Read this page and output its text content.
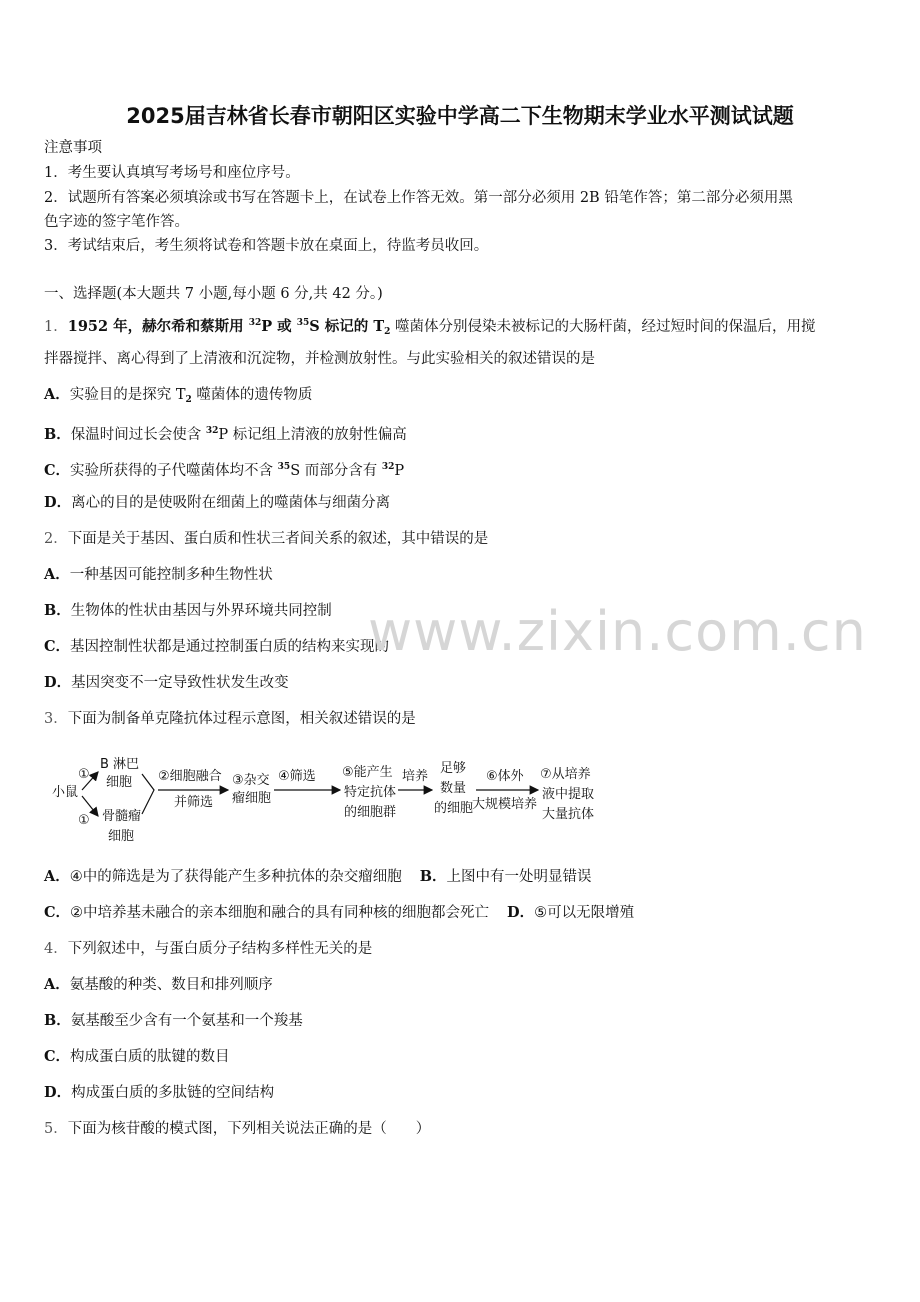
2025届吉林省长春市朝阳区实验中学高二下生物期末学业水平测试试题
注意事项
1．考生要认真填写考场号和座位序号。
2．试题所有答案必须填涂或书写在答题卡上，在试卷上作答无效。第一部分必须用 2B 铅笔作答；第二部分必须用黑
色字迹的签字笔作答。
3．考试结束后，考生须将试卷和答题卡放在桌面上，待监考员收回。
一、选择题(本大题共 7 小题,每小题 6 分,共 42 分。)
1．1952 年，赫尔希和蔡斯用 $^{32}$P 或 $^{35}$S 标记的 $T_2$ 噬菌体分别侵染未被标记的大肠杆菌，经过短时间的保温后，用搅
拌器搅拌、离心得到了上清液和沉淀物，并检测放射性。与此实验相关的叙述错误的是
A．实验目的是探究 $T_2$ 噬菌体的遗传物质
B．保温时间过长会使含 $^{32}$P 标记组上清液的放射性偏高
C．实验所获得的子代噬菌体均不含 $^{35}$S 而部分含有 $^{32}$P
D．离心的目的是使吸附在细菌上的噬菌体与细菌分离
2．下面是关于基因、蛋白质和性状三者间关系的叙述，其中错误的是
A．一种基因可能控制多种生物性状
B．生物体的性状由基因与外界环境共同控制
C．基因控制性状都是通过控制蛋白质的结构来实现的
D．基因突变不一定导致性状发生改变
www.zixin.com.cn
3．下面为制备单克隆抗体过程示意图，相关叙述错误的是
小鼠
①
①
B 淋巴
细胞
骨髓瘤
细胞
②细胞融合
并筛选
③杂交
瘤细胞
④筛选 ⑤能产生
特定抗体
的细胞群
培养
足够
数量
的细胞
⑥体外
大规模培养
⑦从培养
液中提取
大量抗体
A．④中的筛选是为了获得能产生多种抗体的杂交瘤细胞 B．上图中有一处明显错误
C．②中培养基未融合的亲本细胞和融合的具有同种核的细胞都会死亡 D．⑤可以无限增殖
4．下列叙述中，与蛋白质分子结构多样性无关的是
A．氨基酸的种类、数目和排列顺序
B．氨基酸至少含有一个氨基和一个羧基
C．构成蛋白质的肽键的数目
D．构成蛋白质的多肽链的空间结构
5．下面为核苷酸的模式图，下列相关说法正确的是（　　）
